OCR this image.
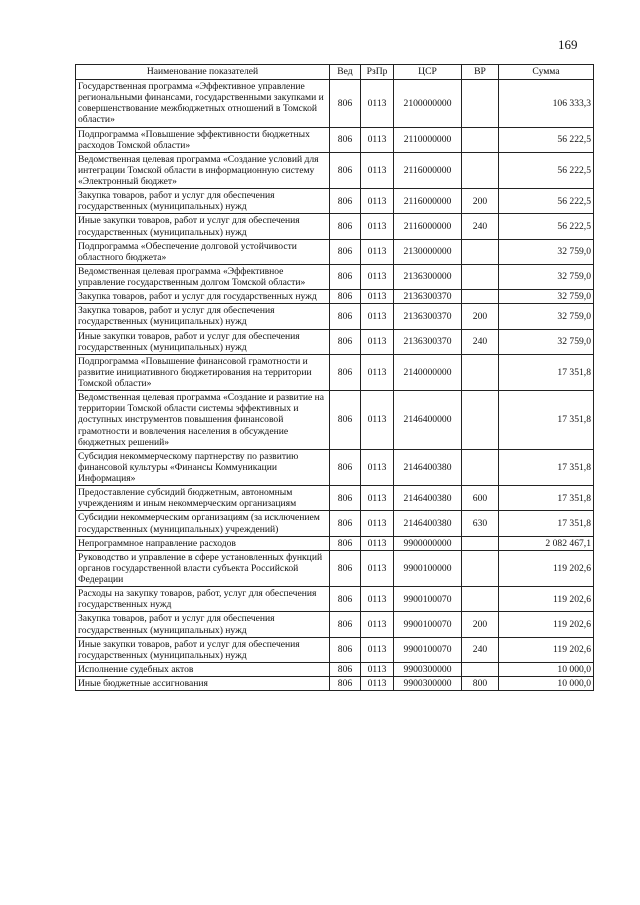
169
Наименование показателей	Вед	РзПр	ЦСР	ВР	Сумма
Государственная программа «Эффективное управление региональными финансами, государственными закупками и совершенствование межбюджетных отношений в Томской области»	806	0113	2100000000		106 333,3
Подпрограмма «Повышение эффективности бюджетных расходов Томской области»	806	0113	2110000000		56 222,5
Ведомственная целевая программа «Создание условий для интеграции Томской области в информационную систему «Электронный бюджет»	806	0113	2116000000		56 222,5
Закупка товаров, работ и услуг для обеспечения государственных (муниципальных) нужд	806	0113	2116000000	200	56 222,5
Иные закупки товаров, работ и услуг для обеспечения государственных (муниципальных) нужд	806	0113	2116000000	240	56 222,5
Подпрограмма «Обеспечение долговой устойчивости областного бюджета»	806	0113	2130000000		32 759,0
Ведомственная целевая программа «Эффективное управление государственным долгом Томской области»	806	0113	2136300000		32 759,0
Закупка товаров, работ и услуг для государственных нужд	806	0113	2136300370		32 759,0
Закупка товаров, работ и услуг для обеспечения государственных (муниципальных) нужд	806	0113	2136300370	200	32 759,0
Иные закупки товаров, работ и услуг для обеспечения государственных (муниципальных) нужд	806	0113	2136300370	240	32 759,0
Подпрограмма «Повышение финансовой грамотности и развитие инициативного бюджетирования на территории Томской области»	806	0113	2140000000		17 351,8
Ведомственная целевая программа «Создание и развитие на территории Томской области системы эффективных и доступных инструментов повышения финансовой грамотности и вовлечения населения в обсуждение бюджетных решений»	806	0113	2146400000		17 351,8
Субсидия некоммерческому партнерству по развитию финансовой культуры «Финансы Коммуникации Информация»	806	0113	2146400380		17 351,8
Предоставление субсидий бюджетным, автономным учреждениям и иным некоммерческим организациям	806	0113	2146400380	600	17 351,8
Субсидии некоммерческим организациям (за исключением государственных (муниципальных) учреждений)	806	0113	2146400380	630	17 351,8
Непрограммное направление расходов	806	0113	9900000000		2 082 467,1
Руководство и управление в сфере установленных функций органов государственной власти субъекта Российской Федерации	806	0113	9900100000		119 202,6
Расходы на закупку товаров, работ, услуг для обеспечения государственных нужд	806	0113	9900100070		119 202,6
Закупка товаров, работ и услуг для обеспечения государственных (муниципальных) нужд	806	0113	9900100070	200	119 202,6
Иные закупки товаров, работ и услуг для обеспечения государственных (муниципальных) нужд	806	0113	9900100070	240	119 202,6
Исполнение судебных актов	806	0113	9900300000		10 000,0
Иные бюджетные ассигнования	806	0113	9900300000	800	10 000,0
